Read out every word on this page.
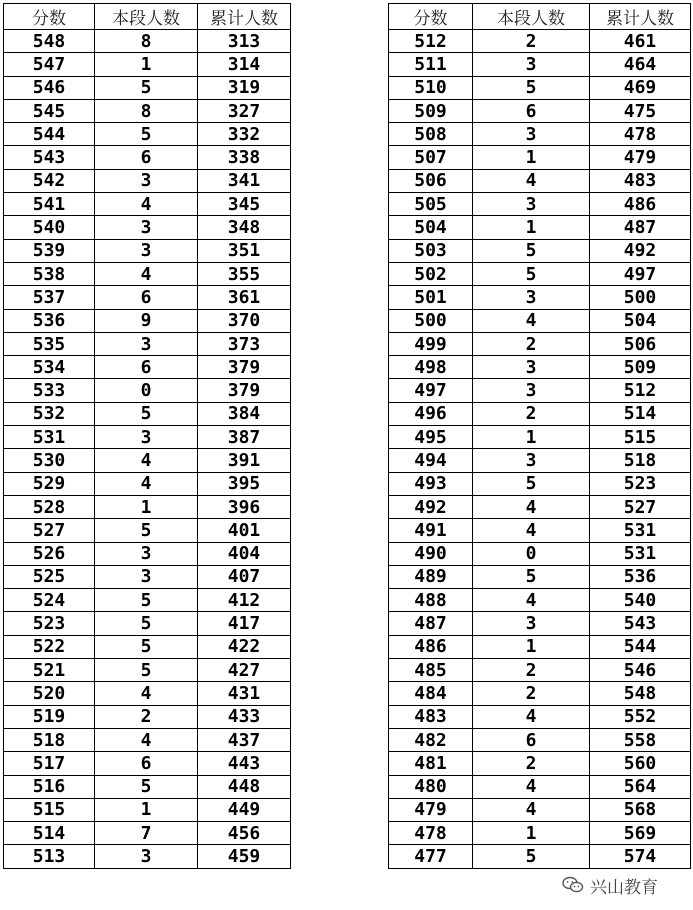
分数	本段人数	累计人数
548	8	313
547	1	314
546	5	319
545	8	327
544	5	332
543	6	338
542	3	341
541	4	345
540	3	348
539	3	351
538	4	355
537	6	361
536	9	370
535	3	373
534	6	379
533	0	379
532	5	384
531	3	387
530	4	391
529	4	395
528	1	396
527	5	401
526	3	404
525	3	407
524	5	412
523	5	417
522	5	422
521	5	427
520	4	431
519	2	433
518	4	437
517	6	443
516	5	448
515	1	449
514	7	456
513	3	459
分数	本段人数	累计人数
512	2	461
511	3	464
510	5	469
509	6	475
508	3	478
507	1	479
506	4	483
505	3	486
504	1	487
503	5	492
502	5	497
501	3	500
500	4	504
499	2	506
498	3	509
497	3	512
496	2	514
495	1	515
494	3	518
493	5	523
492	4	527
491	4	531
490	0	531
489	5	536
488	4	540
487	3	543
486	1	544
485	2	546
484	2	548
483	4	552
482	6	558
481	2	560
480	4	564
479	4	568
478	1	569
477	5	574
兴山教育
